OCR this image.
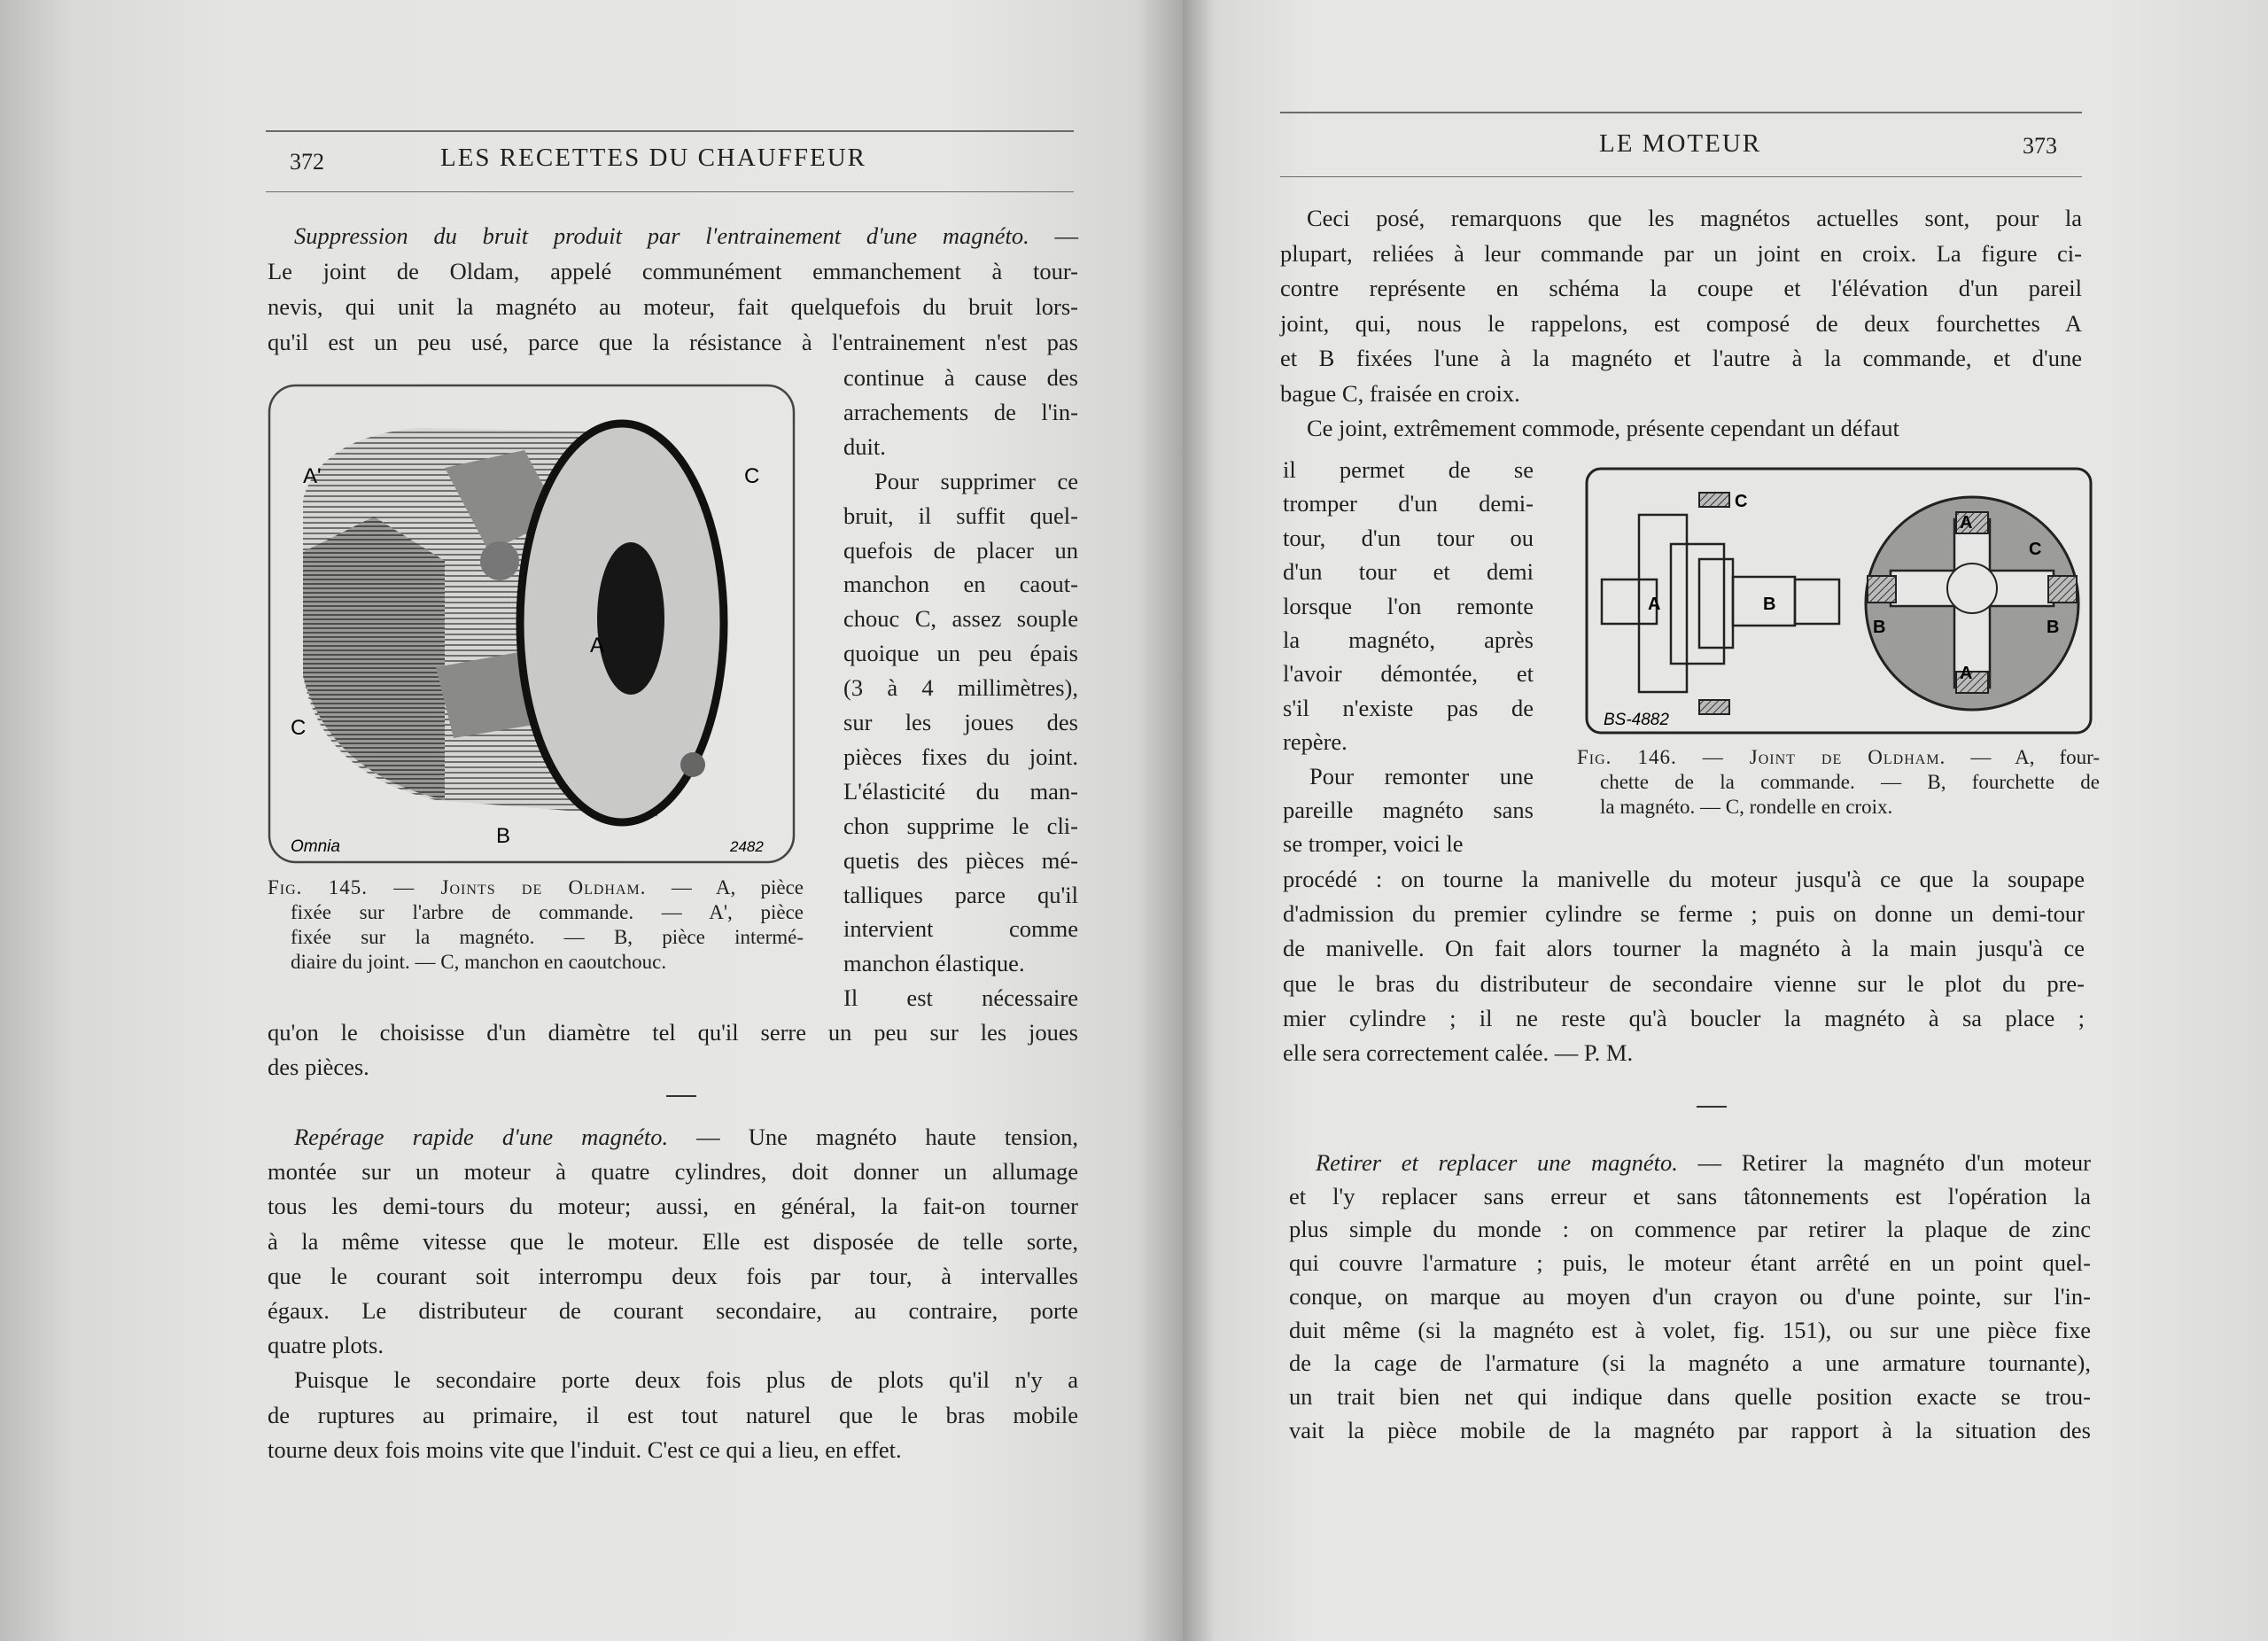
372	LES RECETTES DU CHAUFFEUR
A'	C
A
C
B
Omnia	2482
Suppression du bruit produit par l'entrainement d'une magnéto. —
Le joint de Oldam, appelé communément emmanchement à tour-
nevis, qui unit la magnéto au moteur, fait quelquefois du bruit lors-
qu'il est un peu usé, parce que la résistance à l'entrainement n'est pas
continue à cause des
arrachements de l'in-
duit.
Pour supprimer ce
bruit, il suffit quel-
quefois de placer un
manchon en caout-
chouc C, assez souple
quoique un peu épais
(3 à 4 millimètres),
sur les joues des
pièces fixes du joint.
L'élasticité du man-
chon supprime le cli-
quetis des pièces mé-
talliques parce qu'il
intervient comme
manchon élastique.
Il est nécessaire
qu'on le choisisse d'un diamètre tel qu'il serre un peu sur les joues
des pièces.
Repérage rapide d'une magnéto. — Une magnéto haute tension,
montée sur un moteur à quatre cylindres, doit donner un allumage
tous les demi-tours du moteur; aussi, en général, la fait-on tourner
à la même vitesse que le moteur. Elle est disposée de telle sorte,
que le courant soit interrompu deux fois par tour, à intervalles
égaux. Le distributeur de courant secondaire, au contraire, porte
quatre plots.
Puisque le secondaire porte deux fois plus de plots qu'il n'y a
de ruptures au primaire, il est tout naturel que le bras mobile
tourne deux fois moins vite que l'induit. C'est ce qui a lieu, en effet.
Fig. 145. — Joints de Oldham. — A, pièce
fixée sur l'arbre de commande. — A', pièce
fixée sur la magnéto. — B, pièce intermé-
diaire du joint. — C, manchon en caoutchouc.
LE MOTEUR	373
C
A	B
BS-4882
A
C
B	B
A
Ceci posé, remarquons que les magnétos actuelles sont, pour la
plupart, reliées à leur commande par un joint en croix. La figure ci-
contre représente en schéma la coupe et l'élévation d'un pareil
joint, qui, nous le rappelons, est composé de deux fourchettes A
et B fixées l'une à la magnéto et l'autre à la commande, et d'une
bague C, fraisée en croix.
Ce joint, extrêmement commode, présente cependant un défaut
il permet de se
tromper d'un demi-
tour, d'un tour ou
d'un tour et demi
lorsque l'on remonte
la magnéto, après
l'avoir démontée, et
s'il n'existe pas de
repère.
Pour remonter une
pareille magnéto sans
se tromper, voici le
procédé : on tourne la manivelle du moteur jusqu'à ce que la soupape
d'admission du premier cylindre se ferme ; puis on donne un demi-tour
de manivelle. On fait alors tourner la magnéto à la main jusqu'à ce
que le bras du distributeur de secondaire vienne sur le plot du pre-
mier cylindre ; il ne reste qu'à boucler la magnéto à sa place ;
elle sera correctement calée. — P. M.
Retirer et replacer une magnéto. — Retirer la magnéto d'un moteur
et l'y replacer sans erreur et sans tâtonnements est l'opération la
plus simple du monde : on commence par retirer la plaque de zinc
qui couvre l'armature ; puis, le moteur étant arrêté en un point quel-
conque, on marque au moyen d'un crayon ou d'une pointe, sur l'in-
duit même (si la magnéto est à volet, fig. 151), ou sur une pièce fixe
de la cage de l'armature (si la magnéto a une armature tournante),
un trait bien net qui indique dans quelle position exacte se trou-
vait la pièce mobile de la magnéto par rapport à la situation des
Fig. 146. — Joint de Oldham. — A, four-
chette de la commande. — B, fourchette de
la magnéto. — C, rondelle en croix.
